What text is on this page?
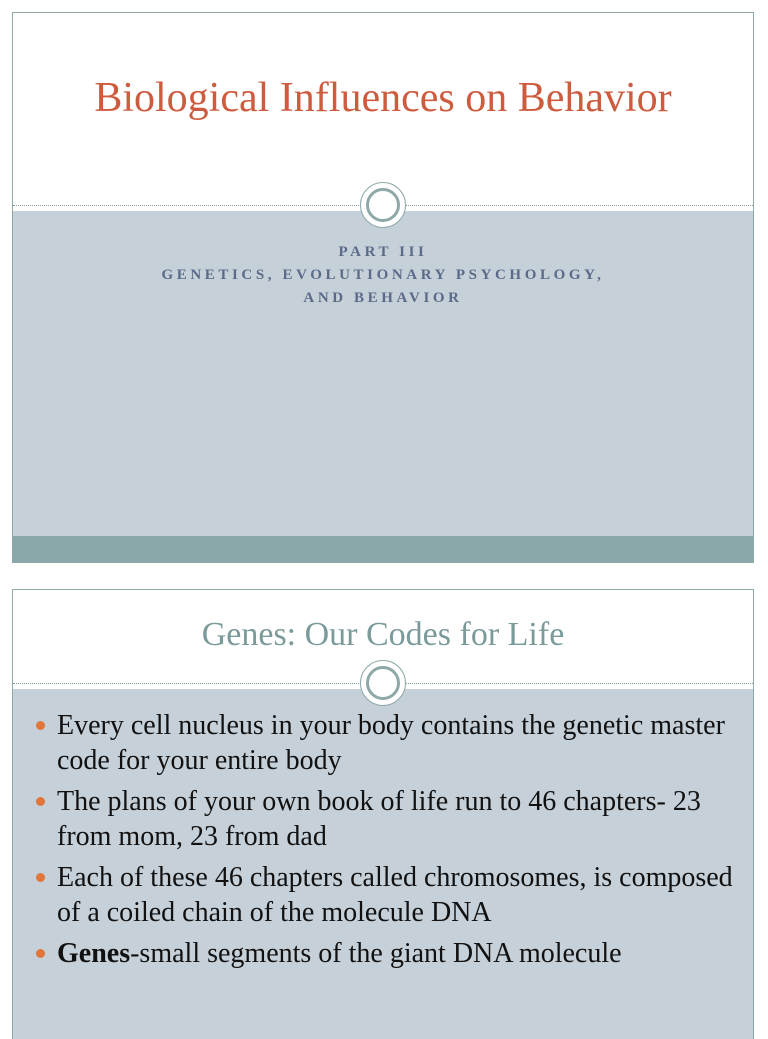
Biological Influences on Behavior
PART III
GENETICS, EVOLUTIONARY PSYCHOLOGY,
AND BEHAVIOR
Genes: Our Codes for Life
Every cell nucleus in your body contains the genetic master code for your entire body
The plans of your own book of life run to 46 chapters- 23 from mom, 23 from dad
Each of these 46 chapters called chromosomes, is composed of a coiled chain of the molecule DNA
Genes-small segments of the giant DNA molecule
